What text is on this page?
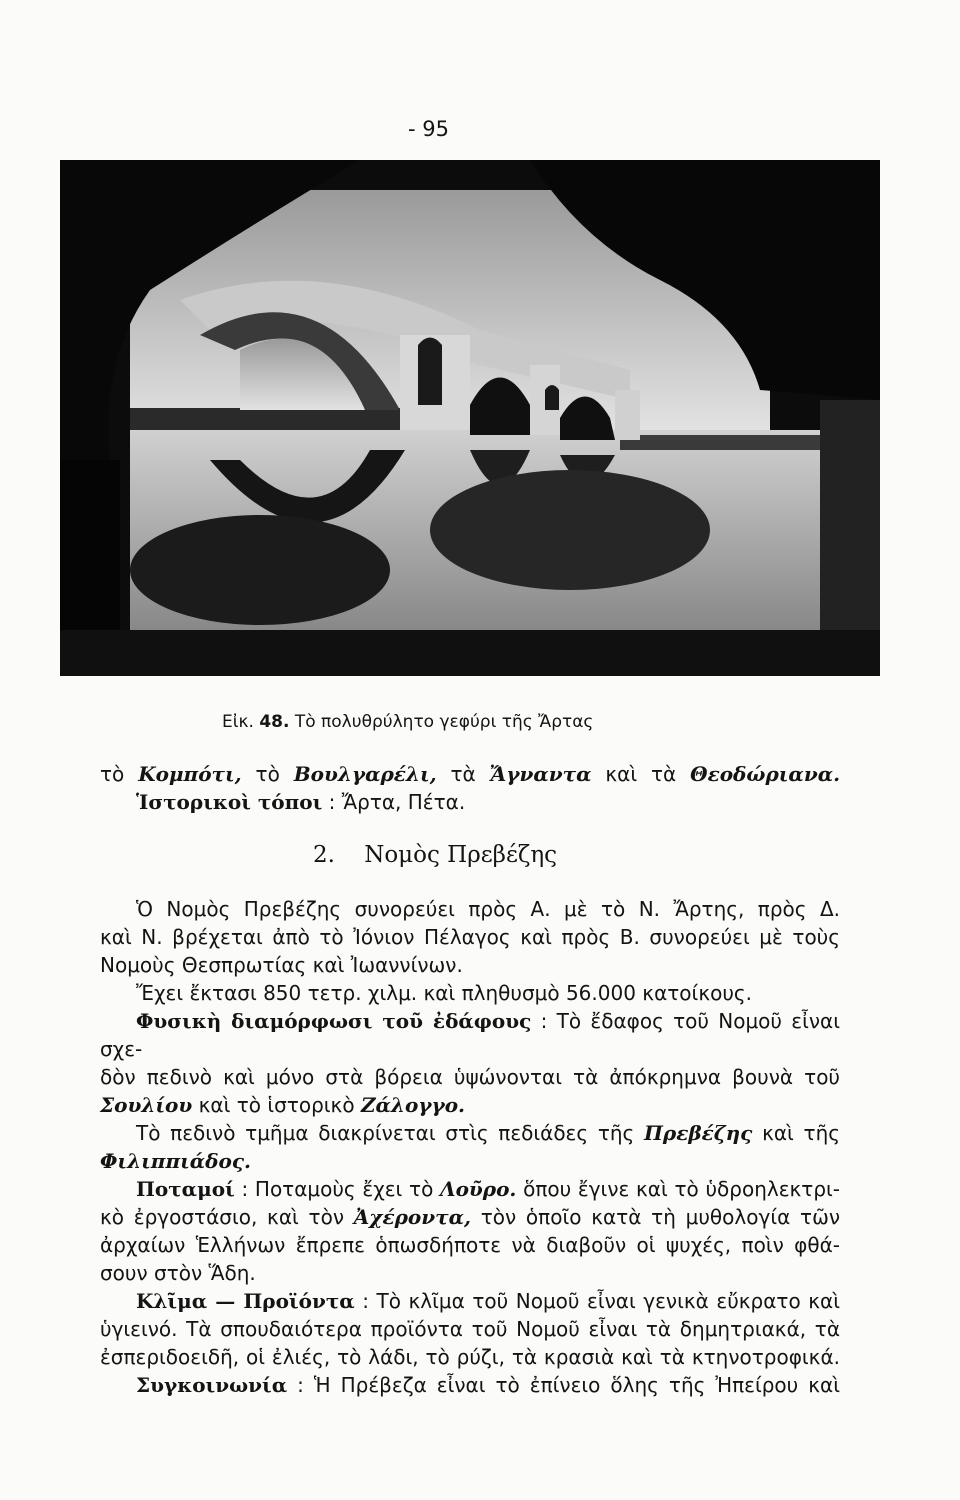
- 95
Εἰκ. 48. Τὸ πολυθρύλητο γεφύρι τῆς Ἄρτας

τὸ Κομπότι, τὸ Βουλγαρέλι, τὰ Ἄγναντα καὶ τὰ Θεοδώριανα.

Ἱστορικοὶ τόποι : Ἄρτα, Πέτα.

2. Νομὸς Πρεβέζης

Ὁ Νομὸς Πρεβέζης συνορεύει πρὸς Α. μὲ τὸ Ν. Ἄρτης, πρὸς Δ.

καὶ Ν. βρέχεται ἀπὸ τὸ Ἰόνιον Πέλαγος καὶ πρὸς Β. συνορεύει μὲ τοὺς

Νομοὺς Θεσπρωτίας καὶ Ἰωαννίνων.

Ἔχει ἔκτασι 850 τετρ. χιλμ. καὶ πληθυσμὸ 56.000 κατοίκους.

Φυσικὴ διαμόρφωσι τοῦ ἐδάφους : Τὸ ἔδαφος τοῦ Νομοῦ εἶναι σχε-

δὸν πεδινὸ καὶ μόνο στὰ βόρεια ὑψώνονται τὰ ἀπόκρημνα βουνὰ τοῦ

Σουλίου καὶ τὸ ἱστορικὸ Ζάλογγο.

Τὸ πεδινὸ τμῆμα διακρίνεται στὶς πεδιάδες τῆς Πρεβέζης καὶ τῆς

Φιλιππιάδος.

Ποταμοί : Ποταμοὺς ἔχει τὸ Λοῦρο. ὅπου ἔγινε καὶ τὸ ὑδροηλεκτρι-

κὸ ἐργοστάσιο, καὶ τὸν Ἀχέροντα, τὸν ὁποῖο κατὰ τὴ μυθολογία τῶν

ἀρχαίων Ἑλλήνων ἔπρεπε ὁπωσδήποτε νὰ διαβοῦν οἱ ψυχές, ποὶν φθά-

σουν στὸν Ἅδη.

Κλῖμα — Προϊόντα : Τὸ κλῖμα τοῦ Νομοῦ εἶναι γενικὰ εὔκρατο καὶ

ὑγιεινό. Τὰ σπουδαιότερα προϊόντα τοῦ Νομοῦ εἶναι τὰ δημητριακά, τὰ

ἐσπεριδοειδῆ, οἱ ἐλιές, τὸ λάδι, τὸ ρύζι, τὰ κρασιὰ καὶ τὰ κτηνοτροφικά.

Συγκοινωνία : Ἡ Πρέβεζα εἶναι τὸ ἐπίνειο ὅλης τῆς Ἠπείρου καὶ
